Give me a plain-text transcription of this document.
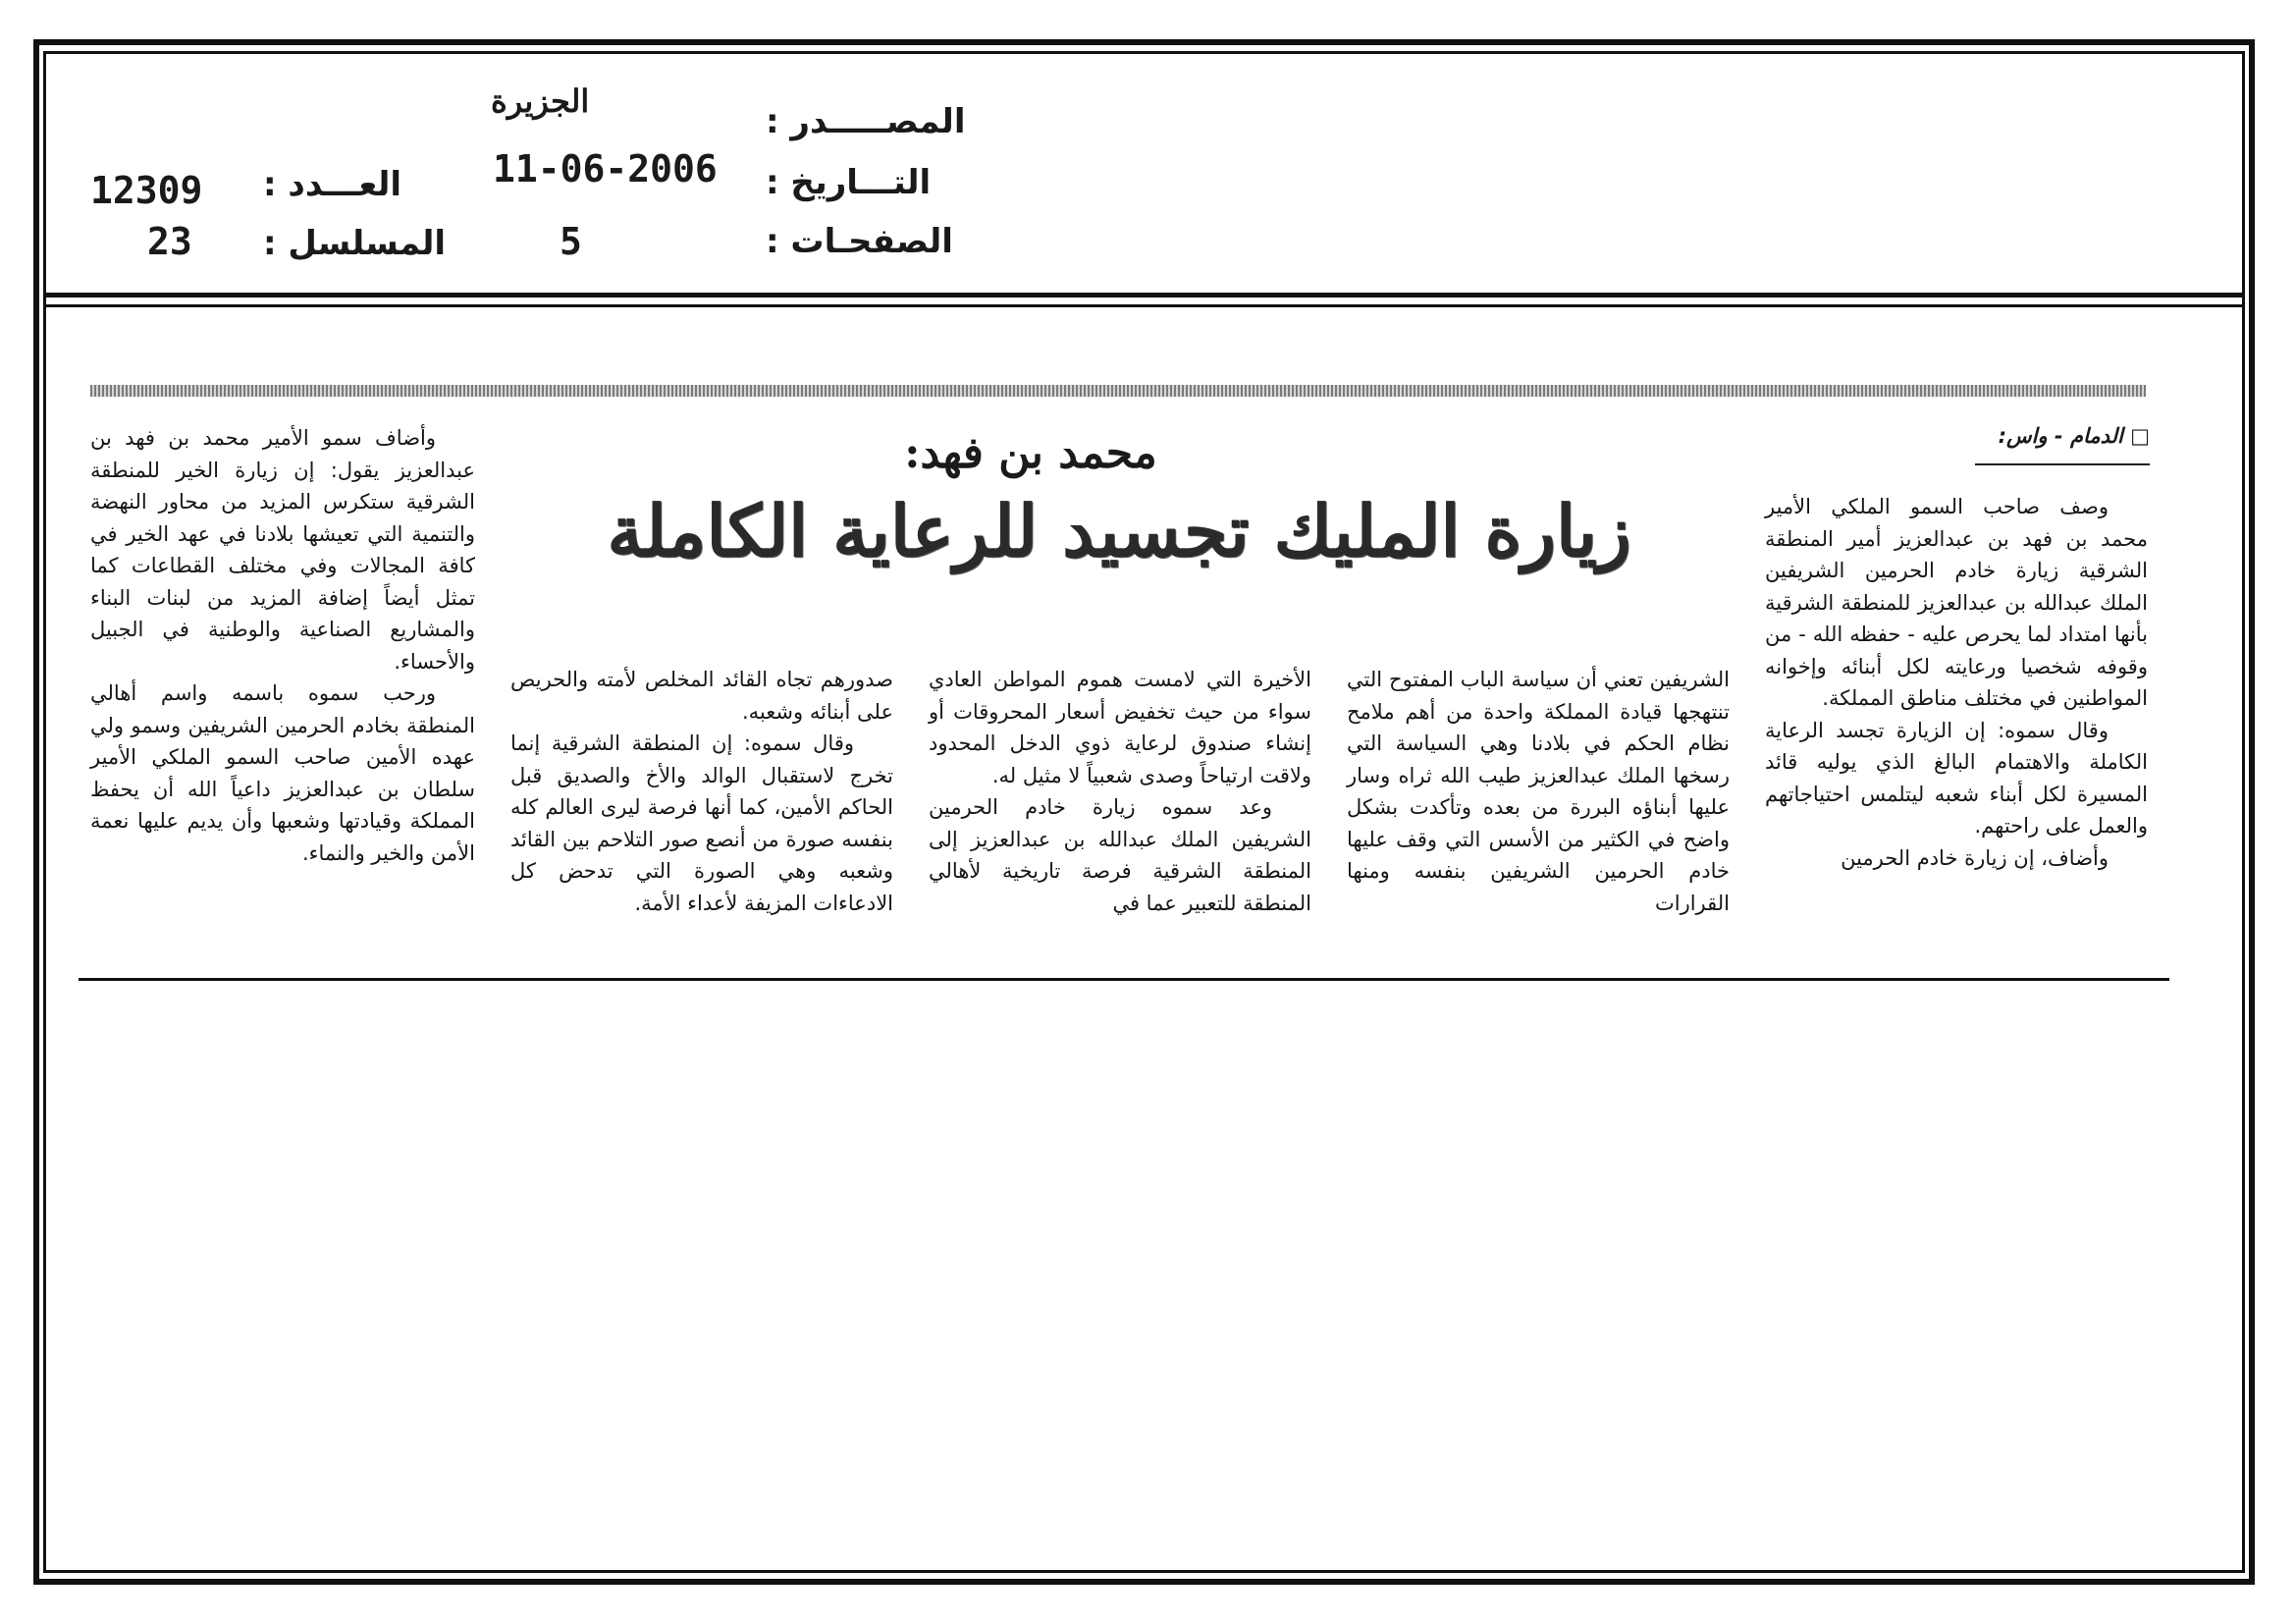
المصـــــدر :
الجزيرة
التـــاريخ :
11-06-2006
الصفحـات :
5
العـــدد :
12309
المسلسل :
23
□ الدمام - واس:
محمد بن فهد:
زيارة المليك تجسيد للرعاية الكاملة	وصف صاحب السمو الملكي الأمير محمد بن فهد بن عبدالعزيز أمير المنطقة الشرقية زيارة خادم الحرمين الشريفين الملك عبدالله بن عبدالعزيز للمنطقة الشرقية بأنها امتداد لما يحرص عليه - حفظه الله - من وقوفه شخصيا ورعايته لكل أبنائه وإخوانه المواطنين في مختلف مناطق المملكة.

وقال سموه: إن الزيارة تجسد الرعاية الكاملة والاهتمام البالغ الذي يوليه قائد المسيرة لكل أبناء شعبه ليتلمس احتياجاتهم والعمل على راحتهم.

وأضاف، إن زيارة خادم الحرمين

الشريفين تعني أن سياسة الباب المفتوح التي تنتهجها قيادة المملكة واحدة من أهم ملامح نظام الحكم في بلادنا وهي السياسة التي رسخها الملك عبدالعزيز طيب الله ثراه وسار عليها أبناؤه البررة من بعده وتأكدت بشكل واضح في الكثير من الأسس التي وقف عليها خادم الحرمين الشريفين بنفسه ومنها القرارات

الأخيرة التي لامست هموم المواطن العادي سواء من حيث تخفيض أسعار المحروقات أو إنشاء صندوق لرعاية ذوي الدخل المحدود ولاقت ارتياحاً وصدى شعبياً لا مثيل له.

وعد سموه زيارة خادم الحرمين الشريفين الملك عبدالله بن عبدالعزيز إلى المنطقة الشرقية فرصة تاريخية لأهالي المنطقة للتعبير عما في

صدورهم تجاه القائد المخلص لأمته والحريص على أبنائه وشعبه.

وقال سموه: إن المنطقة الشرقية إنما تخرج لاستقبال الوالد والأخ والصديق قبل الحاكم الأمين، كما أنها فرصة ليرى العالم كله بنفسه صورة من أنصع صور التلاحم بين القائد وشعبه وهي الصورة التي تدحض كل الادعاءات المزيفة لأعداء الأمة.

وأضاف سمو الأمير محمد بن فهد بن عبدالعزيز يقول: إن زيارة الخير للمنطقة الشرقية ستكرس المزيد من محاور النهضة والتنمية التي تعيشها بلادنا في عهد الخير في كافة المجالات وفي مختلف القطاعات كما تمثل أيضاً إضافة المزيد من لبنات البناء والمشاريع الصناعية والوطنية في الجبيل والأحساء.

ورحب سموه باسمه واسم أهالي المنطقة بخادم الحرمين الشريفين وسمو ولي عهده الأمين صاحب السمو الملكي الأمير سلطان بن عبدالعزيز داعياً الله أن يحفظ المملكة وقيادتها وشعبها وأن يديم عليها نعمة الأمن والخير والنماء.
